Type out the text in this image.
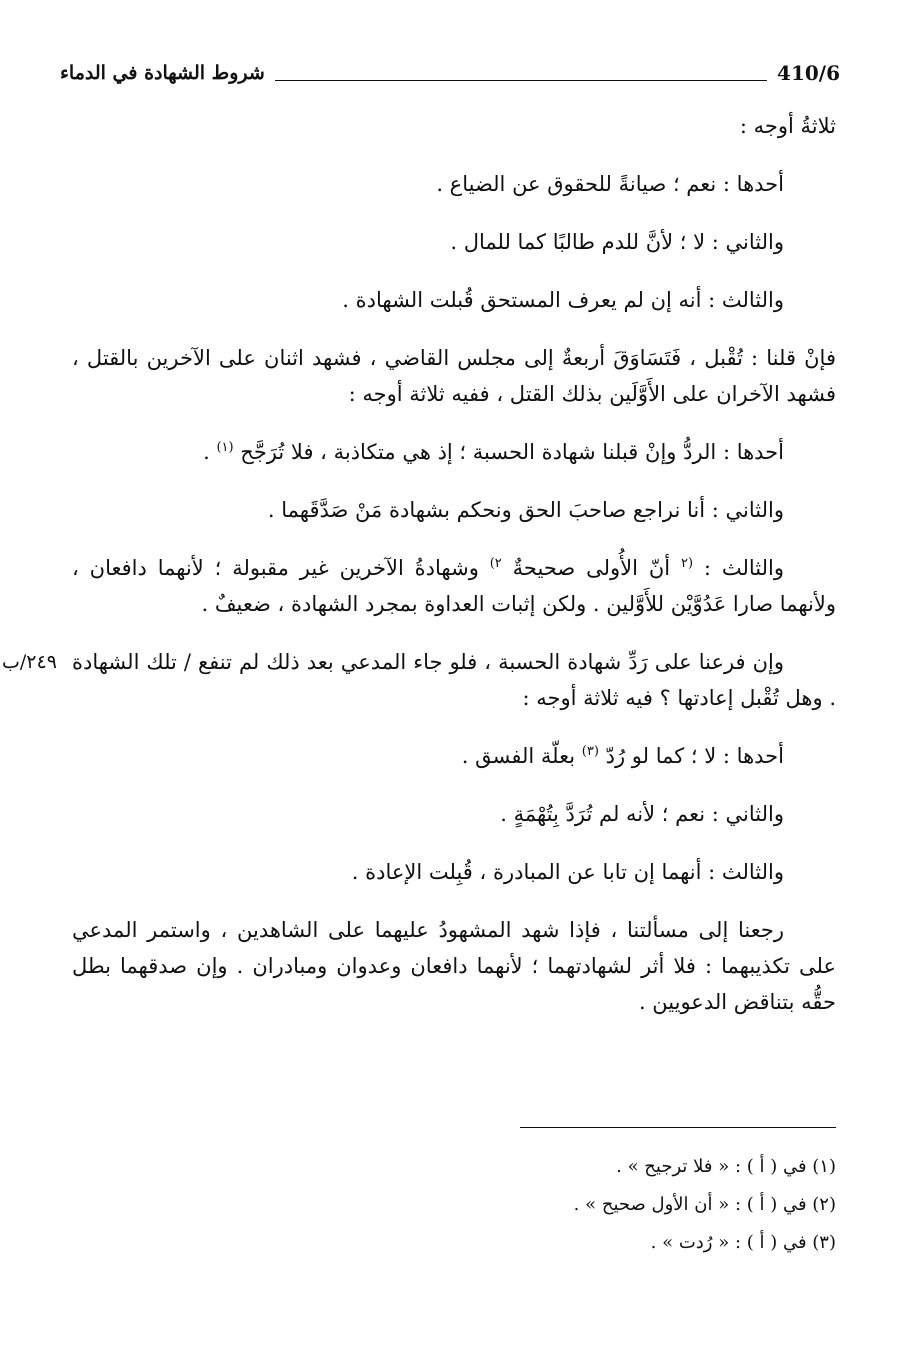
410/6
شروط الشهادة في الدماء

ثلاثةُ أوجه :

أحدها : نعم ؛ صيانةً للحقوق عن الضياع .

والثاني : لا ؛ لأنَّ للدم طالبًا كما للمال .

والثالث : أنه إن لم يعرف المستحق قُبلت الشهادة .

فإنْ قلنا : تُقْبل ، فَتَسَاوَقَ أربعةٌ إلى مجلس القاضي ، فشهد اثنان على الآخرين بالقتل ، فشهد الآخران على الأَوَّلَين بذلك القتل ، ففيه ثلاثة أوجه :

أحدها : الردُّ وإنْ قبلنا شهادة الحسبة ؛ إذ هي متكاذبة ، فلا تُرَجَّح $^{(١)}$ .

والثاني : أنا نراجع صاحبَ الحق ونحكم بشهادة مَنْ صَدَّقَهما .

والثالث : $^{(٢}$ أنّ الأُولى صحيحةٌ $^{٢)}$ وشهادةُ الآخرين غير مقبولة ؛ لأنهما دافعان ، ولأنهما صارا عَدُوَّيْن للأَوَّلين . ولكن إثبات العداوة بمجرد الشهادة ، ضعيفٌ .

وإن فرعنا على رَدِّ شهادة الحسبة ، فلو جاء المدعي بعد ذلك لم تنفع / تلك الشهادة . وهل تُقْبل إعادتها ؟ فيه ثلاثة أوجه :
٢٤٩/ب

أحدها : لا ؛ كما لو رُدّ $^{(٣)}$ بعلّة الفسق .

والثاني : نعم ؛ لأنه لم تُرَدَّ بِتُهْمَةٍ .

والثالث : أنهما إن تابا عن المبادرة ، قُبِلت الإعادة .

رجعنا إلى مسألتنا ، فإذا شهد المشهودُ عليهما على الشاهدين ، واستمر المدعي على تكذيبهما : فلا أثر لشهادتهما ؛ لأنهما دافعان وعدوان ومبادران . وإن صدقهما بطل حقُّه بتناقض الدعويين .

(١) في ( أ ) : « فلا ترجيح » .
(٢) في ( أ ) : « أن الأول صحيح » .
(٣) في ( أ ) : « رُدت » .
